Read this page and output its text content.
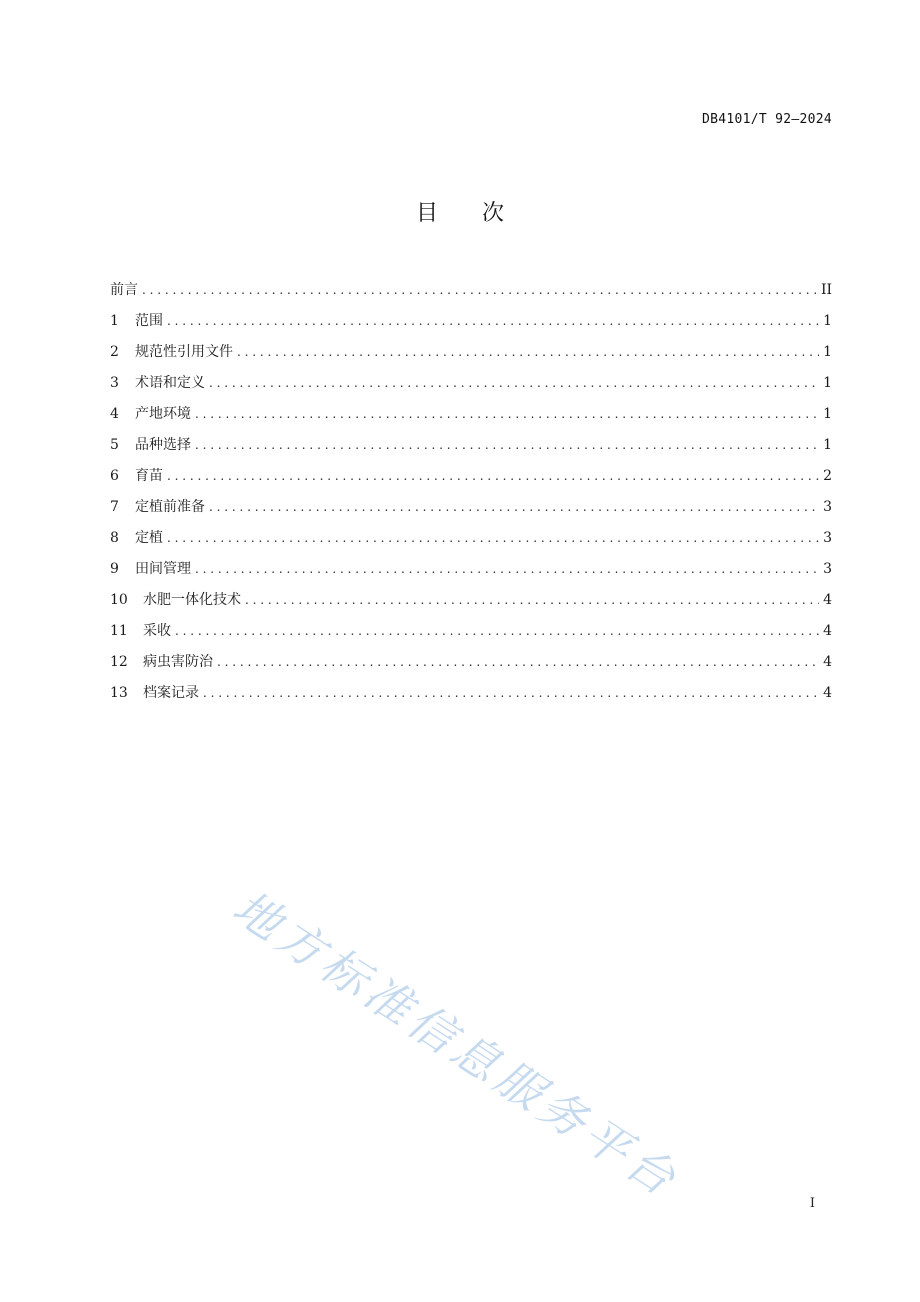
DB4101/T 92—2024
目次
前言 . . .	II
1	范围 . . .	1
2	规范性引用文件 . . .	1
3	术语和定义 . . .	1
4	产地环境 . . .	1
5	品种选择 . . .	1
6	育苗 . . .	2
7	定植前准备 . . .	3
8	定植 . . .	3
9	田间管理 . . .	3
10	水肥一体化技术 . . .	4
11	采收 . . .	4
12	病虫害防治 . . .	4
13	档案记录 . . .	4
地方标准信息服务平台	I
